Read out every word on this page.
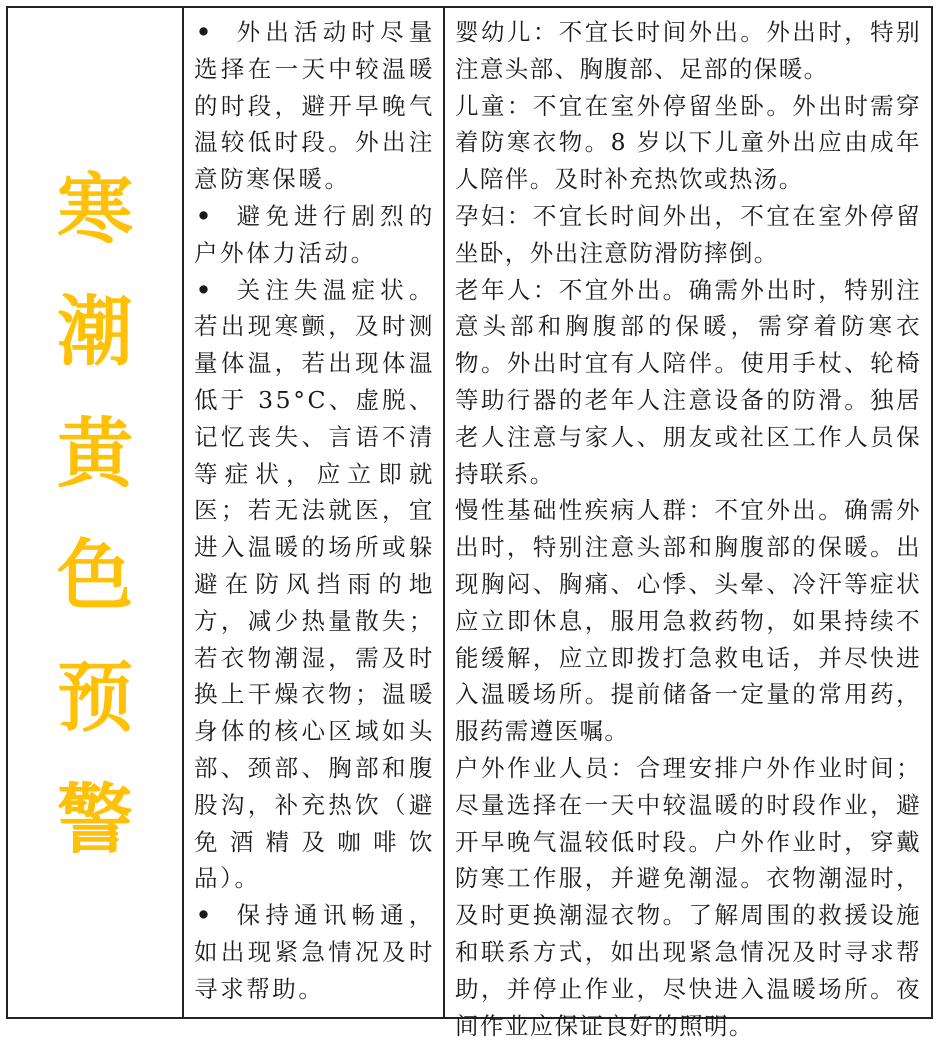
寒
潮
黄
色
预
警

• 外出活动时尽量选择在一天中较温暖的时段，避开早晚气温较低时段。外出注意防寒保暖。

• 避免进行剧烈的户外体力活动。

• 关注失温症状。若出现寒颤，及时测量体温，若出现体温低于 35°C、虚脱、记忆丧失、言语不清等症状，应立即就医；若无法就医，宜进入温暖的场所或躲避在防风挡雨的地方，减少热量散失；若衣物潮湿，需及时换上干燥衣物；温暖身体的核心区域如头部、颈部、胸部和腹股沟，补充热饮（避免酒精及咖啡饮品）。

• 保持通讯畅通，如出现紧急情况及时寻求帮助。

婴幼儿：不宜长时间外出。外出时，特别注意头部、胸腹部、足部的保暖。

儿童：不宜在室外停留坐卧。外出时需穿着防寒衣物。8 岁以下儿童外出应由成年人陪伴。及时补充热饮或热汤。

孕妇：不宜长时间外出，不宜在室外停留坐卧，外出注意防滑防摔倒。

老年人：不宜外出。确需外出时，特别注意头部和胸腹部的保暖，需穿着防寒衣物。外出时宜有人陪伴。使用手杖、轮椅等助行器的老年人注意设备的防滑。独居老人注意与家人、朋友或社区工作人员保持联系。

慢性基础性疾病人群：不宜外出。确需外出时，特别注意头部和胸腹部的保暖。出现胸闷、胸痛、心悸、头晕、冷汗等症状应立即休息，服用急救药物，如果持续不能缓解，应立即拨打急救电话，并尽快进入温暖场所。提前储备一定量的常用药，服药需遵医嘱。

户外作业人员：合理安排户外作业时间；尽量选择在一天中较温暖的时段作业，避开早晚气温较低时段。户外作业时，穿戴防寒工作服，并避免潮湿。衣物潮湿时，及时更换潮湿衣物。了解周围的救援设施和联系方式，如出现紧急情况及时寻求帮助，并停止作业，尽快进入温暖场所。夜间作业应保证良好的照明。
